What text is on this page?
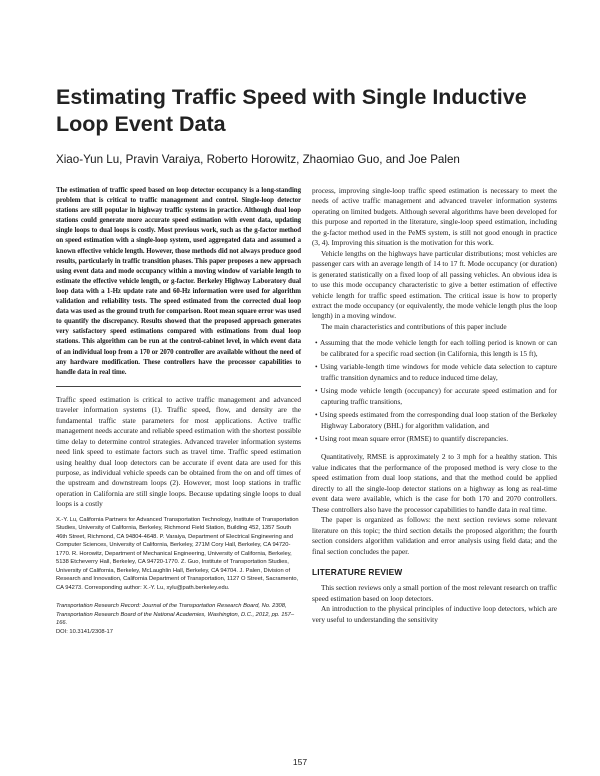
Estimating Traffic Speed with Single Inductive Loop Event Data

Xiao-Yun Lu, Pravin Varaiya, Roberto Horowitz, Zhaomiao Guo, and Joe Palen

The estimation of traffic speed based on loop detector occupancy is a long-standing problem that is critical to traffic management and control. Single-loop detector stations are still popular in highway traffic systems in practice. Although dual loop stations could generate more accurate speed estimation with event data, updating single loops to dual loops is costly. Most previous work, such as the g-factor method on speed estimation with a single-loop system, used aggregated data and assumed a known effective vehicle length. However, those methods did not always produce good results, particularly in traffic transition phases. This paper proposes a new approach using event data and mode occupancy within a moving window of variable length to estimate the effective vehicle length, or g-factor. Berkeley Highway Laboratory dual loop data with a 1-Hz update rate and 60-Hz information were used for algorithm validation and reliability tests. The speed estimated from the corrected dual loop data was used as the ground truth for comparison. Root mean square error was used to quantify the discrepancy. Results showed that the proposed approach generates very satisfactory speed estimations compared with estimations from dual loop stations. This algorithm can be run at the control-cabinet level, in which event data of an individual loop from a 170 or 2070 controller are available without the need of any hardware modification. These controllers have the processor capabilities to handle data in real time.

Traffic speed estimation is critical to active traffic management and advanced traveler information systems (1). Traffic speed, flow, and density are the fundamental traffic state parameters for most applications. Active traffic management needs accurate and reliable speed estimation with the shortest possible time delay to determine control strategies. Advanced traveler information systems need link speed to estimate factors such as travel time. Traffic speed estimation using healthy dual loop detectors can be accurate if event data are used for this purpose, as individual vehicle speeds can be obtained from the on and off times of the upstream and downstream loops (2). However, most loop stations in traffic operation in California are still single loops. Because updating single loops to dual loops is a costly

X.-Y. Lu, California Partners for Advanced Transportation Technology, Institute of Transportation Studies, University of California, Berkeley, Richmond Field Station, Building 452, 1357 South 46th Street, Richmond, CA 94804-4648. P. Varaiya, Department of Electrical Engineering and Computer Sciences, University of California, Berkeley, 271M Cory Hall, Berkeley, CA 94720-1770. R. Horowitz, Department of Mechanical Engineering, University of California, Berkeley, 5138 Etcheverry Hall, Berkeley, CA 94720-1770. Z. Guo, Institute of Transportation Studies, University of California, Berkeley, McLaughlin Hall, Berkeley, CA 94704. J. Palen, Division of Research and Innovation, California Department of Transportation, 1127 O Street, Sacramento, CA 94273. Corresponding author: X.-Y. Lu, xylu@path.berkeley.edu.

Transportation Research Record: Journal of the Transportation Research Board, No. 2308, Transportation Research Board of the National Academies, Washington, D.C., 2012, pp. 157–166.

DOI: 10.3141/2308-17

process, improving single-loop traffic speed estimation is necessary to meet the needs of active traffic management and advanced traveler information systems operating on limited budgets. Although several algorithms have been developed for this purpose and reported in the literature, single-loop speed estimation, including the g-factor method used in the PeMS system, is still not good enough in practice (3, 4). Improving this situation is the motivation for this work.

Vehicle lengths on the highways have particular distributions; most vehicles are passenger cars with an average length of 14 to 17 ft. Mode occupancy (or duration) is generated statistically on a fixed loop of all passing vehicles. An obvious idea is to use this mode occupancy characteristic to give a better estimation of effective vehicle length for traffic speed estimation. The critical issue is how to properly extract the mode occupancy (or equivalently, the mode vehicle length plus the loop length) in a moving window.

The main characteristics and contributions of this paper include

• Assuming that the mode vehicle length for each tolling period is known or can be calibrated for a specific road section (in California, this length is 15 ft),
• Using variable-length time windows for mode vehicle data selection to capture traffic transition dynamics and to reduce induced time delay,
• Using mode vehicle length (occupancy) for accurate speed estimation and for capturing traffic transitions,
• Using speeds estimated from the corresponding dual loop station of the Berkeley Highway Laboratory (BHL) for algorithm validation, and
• Using root mean square error (RMSE) to quantify discrepancies.

Quantitatively, RMSE is approximately 2 to 3 mph for a healthy station. This value indicates that the performance of the proposed method is very close to the speed estimation from dual loop stations, and that the method could be applied directly to all the single-loop detector stations on a highway as long as real-time event data were available, which is the case for both 170 and 2070 controllers. These controllers also have the processor capabilities to handle data in real time.

The paper is organized as follows: the next section reviews some relevant literature on this topic; the third section details the proposed algorithm; the fourth section considers algorithm validation and error analysis using field data; and the final section concludes the paper.

LITERATURE REVIEW

This section reviews only a small portion of the most relevant research on traffic speed estimation based on loop detectors.

An introduction to the physical principles of inductive loop detectors, which are very useful to understanding the sensitivity

157
